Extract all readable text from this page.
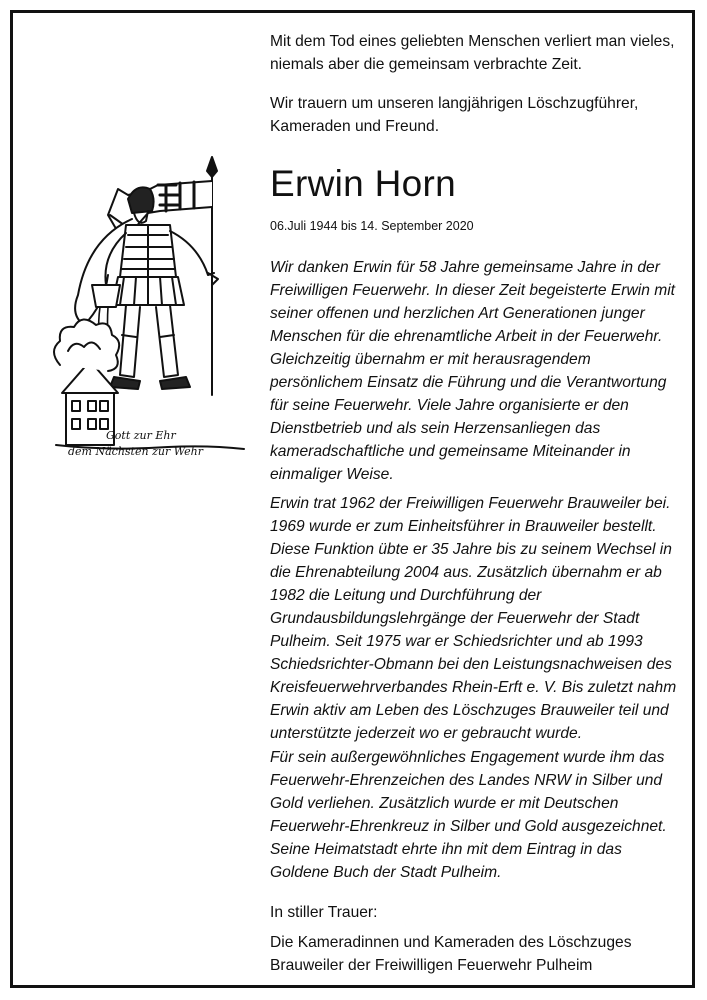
Gott zur Ehr
dem Nächsten zur Wehr

Mit dem Tod eines geliebten Menschen verliert man vieles, niemals aber die gemeinsam verbrachte Zeit.

Wir trauern um unseren langjährigen Löschzugführer, Kameraden und Freund.

Erwin Horn

06.Juli 1944 bis 14. September 2020

Wir danken Erwin für 58 Jahre gemeinsame Jahre in der Freiwilligen Feuerwehr. In dieser Zeit begeisterte Erwin mit seiner offenen und herzlichen Art Generationen junger Menschen für die ehrenamtliche Arbeit in der Feuerwehr. Gleichzeitig übernahm er mit herausragendem persönlichem Einsatz die Führung und die Verantwortung für seine Feuerwehr. Viele Jahre organisierte er den Dienstbetrieb und als sein Herzensanliegen das kameradschaftliche und gemeinsame Miteinander in einmaliger Weise.

Erwin trat 1962 der Freiwilligen Feuerwehr Brauweiler bei. 1969 wurde er zum Einheitsführer in Brauweiler bestellt. Diese Funktion übte er 35 Jahre bis zu seinem Wechsel in die Ehrenabteilung 2004 aus. Zusätzlich übernahm er ab 1982 die Leitung und Durchführung der Grundausbildungslehrgänge der Feuerwehr der Stadt Pulheim. Seit 1975 war er Schiedsrichter und ab 1993 Schiedsrichter-Obmann bei den Leistungsnachweisen des Kreisfeuerwehrverbandes Rhein-Erft e. V. Bis zuletzt nahm Erwin aktiv am Leben des Löschzuges Brauweiler teil und unterstützte jederzeit wo er gebraucht wurde.

Für sein außergewöhnliches Engagement wurde ihm das Feuerwehr-Ehrenzeichen des Landes NRW in Silber und Gold verliehen. Zusätzlich wurde er mit Deutschen Feuerwehr-Ehrenkreuz in Silber und Gold ausgezeichnet. Seine Heimatstadt ehrte ihn mit dem Eintrag in das Goldene Buch der Stadt Pulheim.

In stiller Trauer:

Die Kameradinnen und Kameraden des Löschzuges Brauweiler der Freiwilligen Feuerwehr Pulheim
